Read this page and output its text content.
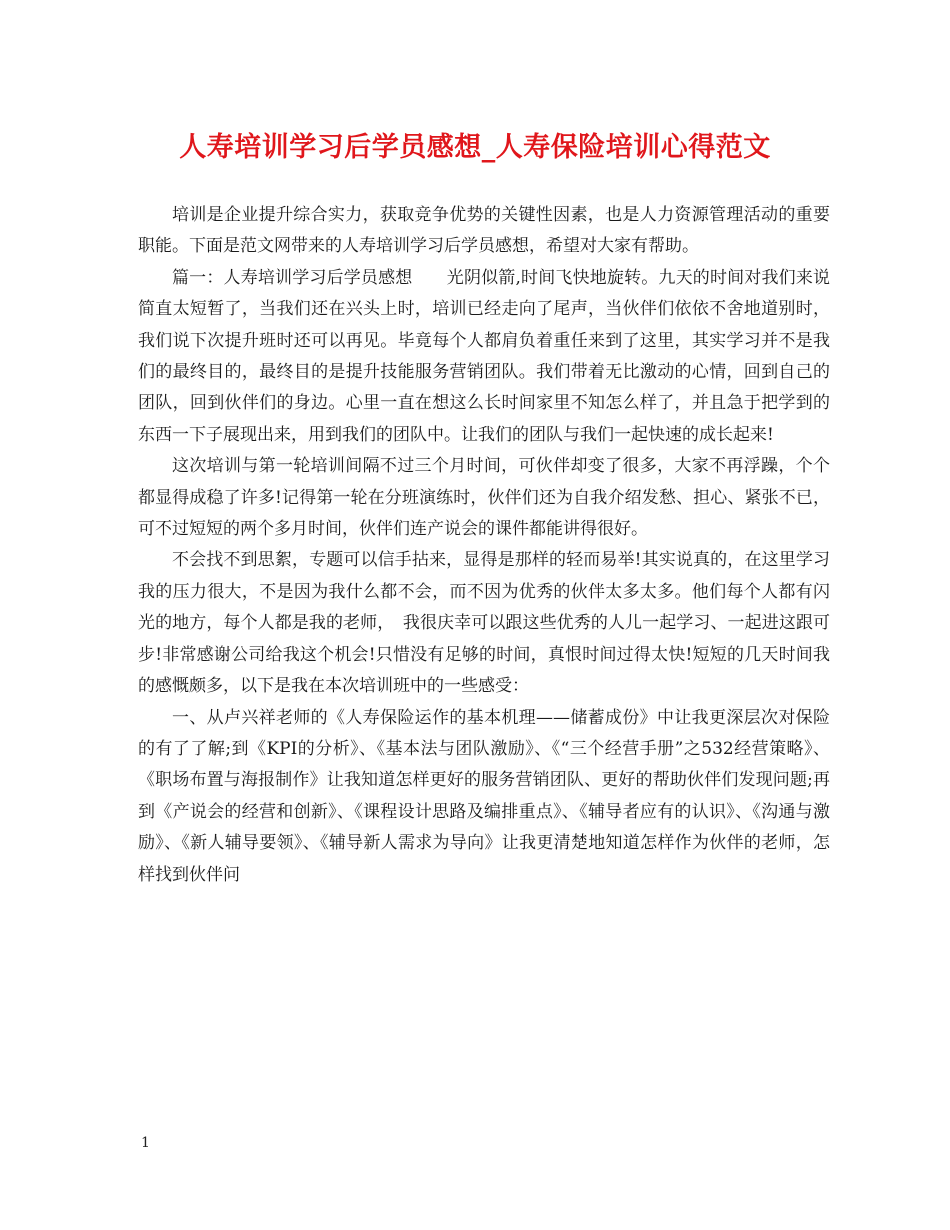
人寿培训学习后学员感想_人寿保险培训心得范文

培训是企业提升综合实力，获取竞争优势的关键性因素，也是人力资源管理活动的重要职能。下面是范文网带来的人寿培训学习后学员感想，希望对大家有帮助。

篇一：人寿培训学习后学员感想　　光阴似箭,时间飞快地旋转。九天的时间对我们来说简直太短暂了，当我们还在兴头上时，培训已经走向了尾声，当伙伴们依依不舍地道别时，我们说下次提升班时还可以再见。毕竟每个人都肩负着重任来到了这里，其实学习并不是我们的最终目的，最终目的是提升技能服务营销团队。我们带着无比激动的心情，回到自己的团队，回到伙伴们的身边。心里一直在想这么长时间家里不知怎么样了，并且急于把学到的东西一下子展现出来，用到我们的团队中。让我们的团队与我们一起快速的成长起来!

这次培训与第一轮培训间隔不过三个月时间，可伙伴却变了很多，大家不再浮躁，个个都显得成稳了许多!记得第一轮在分班演练时，伙伴们还为自我介绍发愁、担心、紧张不已，可不过短短的两个多月时间，伙伴们连产说会的课件都能讲得很好。

不会找不到思絮，专题可以信手拈来，显得是那样的轻而易举!其实说真的，在这里学习我的压力很大，不是因为我什么都不会，而不因为优秀的伙伴太多太多。他们每个人都有闪光的地方，每个人都是我的老师，　我很庆幸可以跟这些优秀的人儿一起学习、一起进这跟可步!非常感谢公司给我这个机会!只惜没有足够的时间，真恨时间过得太快!短短的几天时间我的感慨颇多，以下是我在本次培训班中的一些感受：

一、从卢兴祥老师的《人寿保险运作的基本机理——储蓄成份》中让我更深层次对保险的有了了解;到《KPI的分析》、《基本法与团队激励》、《“三个经营手册”之532经营策略》、《职场布置与海报制作》让我知道怎样更好的服务营销团队、更好的帮助伙伴们发现问题;再到《产说会的经营和创新》、《课程设计思路及编排重点》、《辅导者应有的认识》、《沟通与激励》、《新人辅导要领》、《辅导新人需求为导向》让我更清楚地知道怎样作为伙伴的老师，怎样找到伙伴问

1
